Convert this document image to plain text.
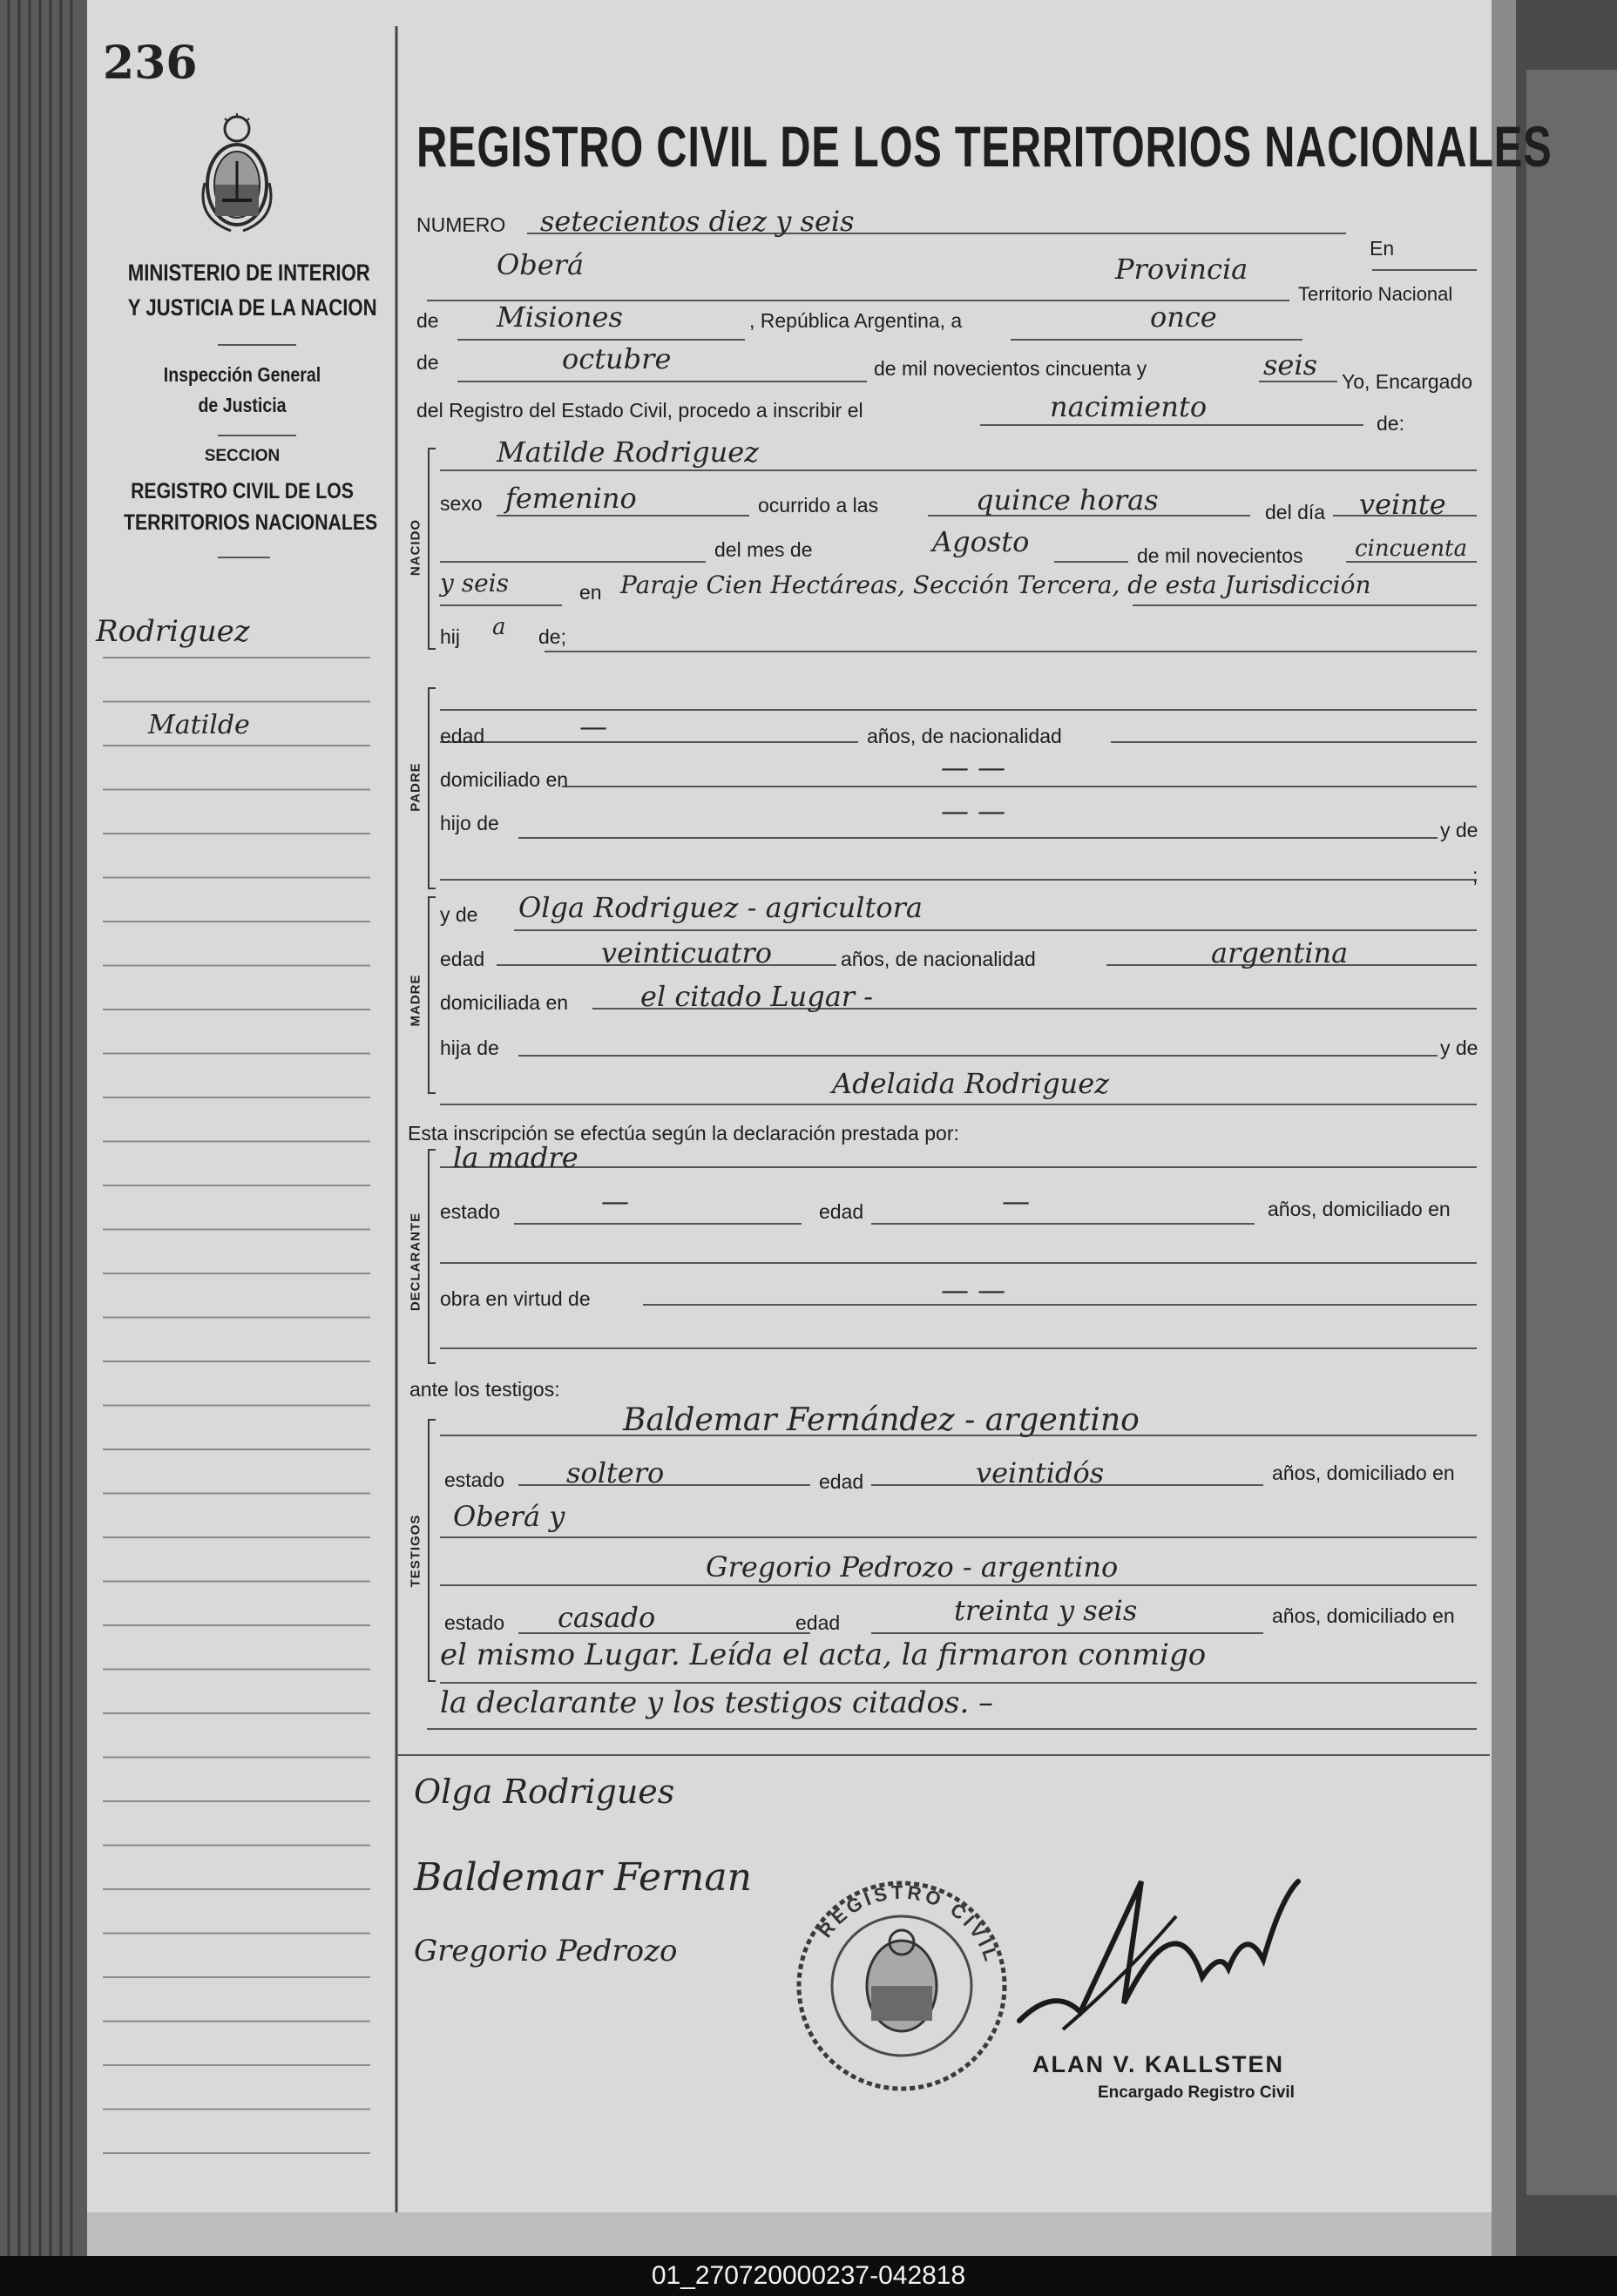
236
MINISTERIO DE INTERIOR
Y JUSTICIA DE LA NACION
Inspección General
de Justicia
SECCION
REGISTRO CIVIL DE LOS
TERRITORIOS NACIONALES
Rodriguez
Matilde
REGISTRO CIVIL DE LOS TERRITORIOS NACIONALES
NACIDO
PADRE
MADRE
DECLARANTE
TESTIGOS
NUMERO
En
Territorio Nacional
de	, República Argentina, a
de	de mil novecientos cincuenta y
Yo, Encargado
del Registro del Estado Civil, procedo a inscribir el
de:
sexo	ocurrido a las	del día
del mes de	de mil novecientos
en
hij	de;
edad	años, de nacionalidad
domiciliado en
hijo de	y de
;
y de
edad	años, de nacionalidad
domiciliada en
hija de	y de
Esta inscripción se efectúa según la declaración prestada por:
estado	edad	años, domiciliado en
obra en virtud de
ante los testigos:
estado	edad	años, domiciliado en
estado	edad	años, domiciliado en
setecientos diez y seis
Oberá	Provincia
Misiones	once
octubre	seis
nacimiento
Matilde Rodriguez
femenino	quince horas	veinte
Agosto	cincuenta
y seis	Paraje Cien Hectáreas, Sección Tercera, de esta Jurisdicción
a
—
— —
— —
Olga Rodriguez - agricultora
veinticuatro	argentina
el citado Lugar -
Adelaida Rodriguez
la madre
—	—
— —
Baldemar Fernández - argentino
soltero	veintidós
Oberá y
Gregorio Pedrozo - argentino
casado	treinta y seis
el mismo Lugar. Leída el acta, la firmaron conmigo
la declarante y los testigos citados. –
Olga Rodrigues
Baldemar Fernan
Gregorio Pedrozo
REGISTRO CIVIL
ALAN V. KALLSTEN
Encargado Registro Civil
01_270720000237-042818
